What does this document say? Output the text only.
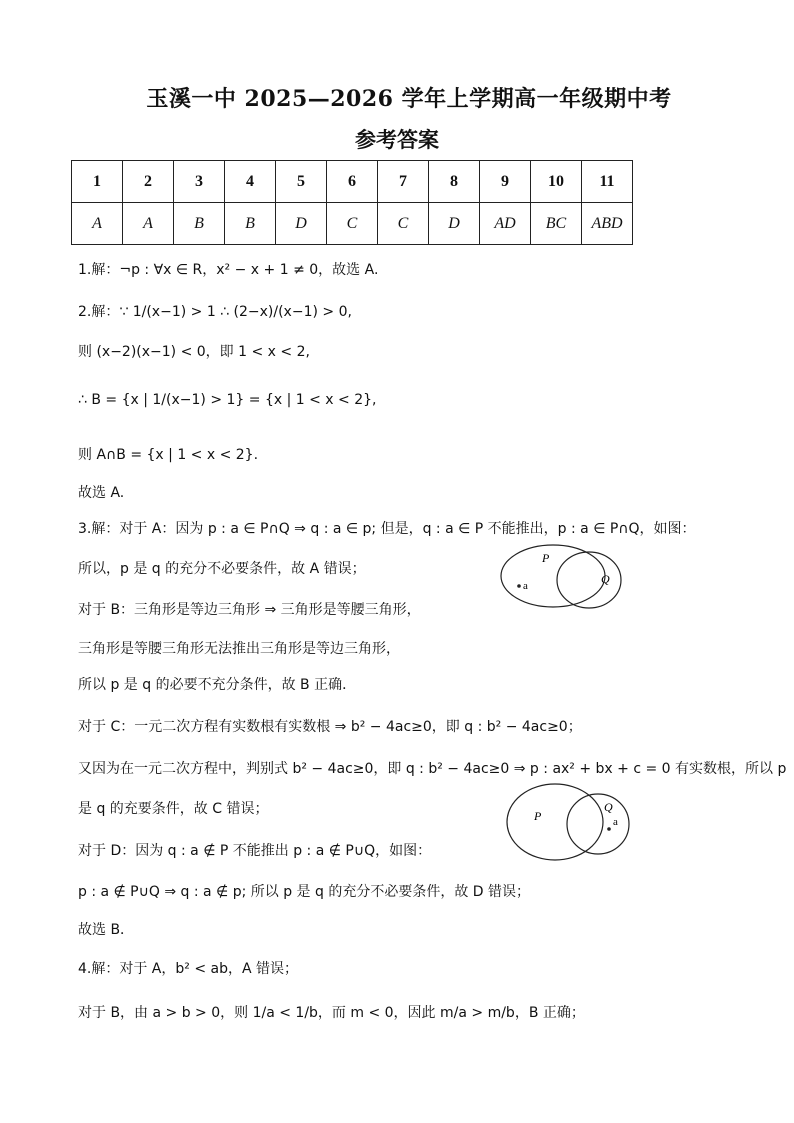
玉溪一中 2025—2026 学年上学期高一年级期中考
参考答案
1	2	3	4	5	6	7	8	9	10	11
A	A	B	B	D	C	C	D	AD	BC	ABD
1.解：¬p : ∀x ∈ R，x² − x + 1 ≠ 0，故选 A.
2.解：∵ 1/(x−1) > 1 ∴ (2−x)/(x−1) > 0,
则 (x−2)(x−1) < 0，即 1 < x < 2,
∴ B = {x | 1/(x−1) > 1} = {x | 1 < x < 2},
则 A∩B = {x | 1 < x < 2}.
故选 A.
3.解：对于 A：因为 p : a ∈ P∩Q ⇒ q : a ∈ p; 但是，q : a ∈ P 不能推出，p : a ∈ P∩Q，如图：
所以，p 是 q 的充分不必要条件，故 A 错误；
对于 B：三角形是等边三角形 ⇒ 三角形是等腰三角形，
三角形是等腰三角形无法推出三角形是等边三角形，
所以 p 是 q 的必要不充分条件，故 B 正确．
对于 C：一元二次方程有实数根有实数根 ⇒ b² − 4ac≥0，即 q : b² − 4ac≥0；
又因为在一元二次方程中，判别式 b² − 4ac≥0，即 q : b² − 4ac≥0 ⇒ p : ax² + bx + c = 0 有实数根，所以 p
是 q 的充要条件，故 C 错误；
对于 D：因为 q : a ∉ P 不能推出 p : a ∉ P∪Q，如图：
p : a ∉ P∪Q ⇒ q : a ∉ p; 所以 p 是 q 的充分不必要条件，故 D 错误；
故选 B．
4.解：对于 A，b² < ab，A 错误；
对于 B，由 a > b > 0，则 1/a < 1/b，而 m < 0，因此 m/a > m/b，B 正确；
P
Q
a
P
Q
a
